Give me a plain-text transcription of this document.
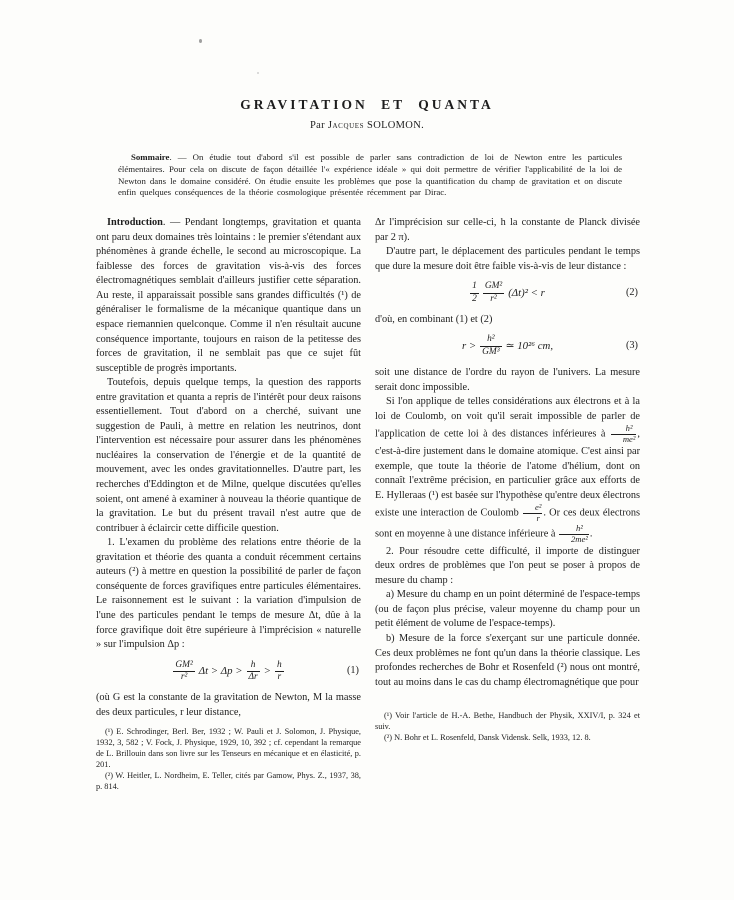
GRAVITATION ET QUANTA
Par Jacques SOLOMON.

Sommaire. — On étudie tout d'abord s'il est possible de parler sans contradiction de loi de Newton entre les particules élémentaires. Pour cela on discute de façon détaillée l'« expérience idéale » qui doit permettre de vérifier l'applicabilité de la loi de Newton dans le domaine considéré. On étudie ensuite les problèmes que pose la quantification du champ de gravitation et on discute enfin quelques conséquences de la théorie cosmologique présentée récemment par Dirac.

Introduction. — Pendant longtemps, gravitation et quanta ont paru deux domaines très lointains : le premier s'étendant aux phénomènes à grande échelle, le second au microscopique. La faiblesse des forces de gravitation vis-à-vis des forces électromagnétiques semblait d'ailleurs justifier cette séparation. Au reste, il apparaissait possible sans grandes difficultés (¹) de généraliser le formalisme de la mécanique quantique dans un espace riemannien quelconque. Comme il n'en résultait aucune conséquence importante, toujours en raison de la petitesse des forces de gravitation, il ne semblait pas que ce sujet fût susceptible de progrès importants.

Toutefois, depuis quelque temps, la question des rapports entre gravitation et quanta a repris de l'intérêt pour deux raisons essentiellement. Tout d'abord on a cherché, suivant une suggestion de Pauli, à mettre en relation les neutrinos, dont l'intervention est nécessaire pour assurer dans les phénomènes nucléaires la conservation de l'énergie et de la quantité de mouvement, avec les ondes gravitationnelles. D'autre part, les recherches d'Eddington et de Milne, quelque discutées qu'elles soient, ont amené à examiner à nouveau la théorie quantique de la gravitation. Le but du présent travail n'est autre que de contribuer à éclaircir cette difficile question.

1. L'examen du problème des relations entre théorie de la gravitation et théorie des quanta a conduit récemment certains auteurs (²) à mettre en question la possibilité de parler de façon conséquente de forces gravifiques entre particules élémentaires. Le raisonnement est le suivant : la variation d'impulsion de l'une des particules pendant le temps de mesure Δt, dûe à la force gravifique doit être supérieure à l'imprécision « naturelle » sur l'impulsion Δp :

$\frac{\text{GM²}}{\text{r²}}$ $\Delta t > \Delta p > \frac{h}{\Delta r} > \frac{h}{r}$	(1)

(où G est la constante de la gravitation de Newton, M la masse des deux particules, r leur distance,

(¹) E. Schrodinger, Berl. Ber, 1932 ; W. Pauli et J. Solomon, J. Physique, 1932, 3, 582 ; V. Fock, J. Physique, 1929, 10, 392 ; cf. cependant la remarque de L. Brillouin dans son livre sur les Tenseurs en mécanique et en élasticité, p. 201.

(²) W. Heitler, L. Nordheim, E. Teller, cités par Gamow, Phys. Z., 1937, 38, p. 814.

Δr l'imprécision sur celle-ci, h la constante de Planck divisée par 2 π).

D'autre part, le déplacement des particules pendant le temps que dure la mesure doit être faible vis-à-vis de leur distance :

$\frac{1}{2} \frac{\text{GM²}}{\text{r²}} (\Delta t)^2 < r$	(2)

d'où, en combinant (1) et (2)

$r > \frac{\text{h²}}{\text{GM³}}$ ≃ 10²⁶ cm,	(3)

soit une distance de l'ordre du rayon de l'univers. La mesure serait donc impossible.

Si l'on applique de telles considérations aux électrons et à la loi de Coulomb, on voit qu'il serait impossible de parler de l'application de cette loi à des distances inférieures à $\frac{\text{h²}}{\text{me²}}$ , c'est-à-dire justement dans le domaine atomique. C'est ainsi par exemple, que toute la théorie de l'atome d'hélium, dont on connaît l'extrême précision, en particulier grâce aux efforts de E. Hylleraas (¹) est basée sur l'hypothèse qu'entre deux électrons existe une interaction de Coulomb $\frac{\text{e²}}{r}$ . Or ces deux électrons sont en moyenne à une distance inférieure à $\frac{\text{h²}}{\text{2me²}}$ .

2. Pour résoudre cette difficulté, il importe de distinguer deux ordres de problèmes que l'on peut se poser à propos de mesure du champ :

a) Mesure du champ en un point déterminé de l'espace-temps (ou de façon plus précise, valeur moyenne du champ pour un petit élément de volume de l'espace-temps).

b) Mesure de la force s'exerçant sur une particule donnée. Ces deux problèmes ne font qu'un dans la théorie classique. Les profondes recherches de Bohr et Rosenfeld (²) nous ont montré, tout au moins dans le cas du champ électromagnétique que pour

(¹) Voir l'article de H.-A. Bethe, Handbuch der Physik, XXIV/I, p. 324 et suiv.

(²) N. Bohr et L. Rosenfeld, Dansk Vidensk. Selk, 1933, 12. 8.
